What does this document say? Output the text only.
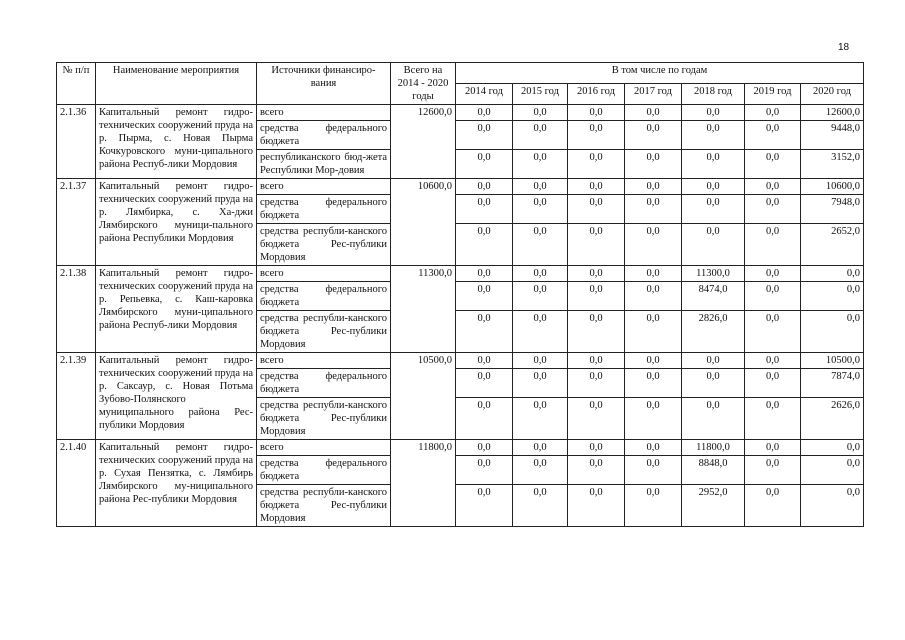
18
№ п/п	Наименование мероприятия	Источники финансиро-вания	Всего на 2014 - 2020 годы	В том числе по годам						
				2014 год	2015 год	2016 год	2017 год	2018 год	2019 год	2020 год
2.1.36	Капитальный ремонт гидро-технических сооружений пруда на р. Пырма, с. Новая Пырма Кочкуровского муни-ципального района Респуб-лики Мордовия	всего	12600,0	0,0	0,0	0,0	0,0	0,0	0,0	12600,0
		средства федерального бюджета		0,0	0,0	0,0	0,0	0,0	0,0	9448,0
		республиканского бюд-жета Республики Мор-довия		0,0	0,0	0,0	0,0	0,0	0,0	3152,0
2.1.37	Капитальный ремонт гидро-технических сооружений пруда на р. Лямбирка, с. Ха-джи Лямбирского муници-пального района Республики Мордовия	всего	10600,0	0,0	0,0	0,0	0,0	0,0	0,0	10600,0
		средства федерального бюджета		0,0	0,0	0,0	0,0	0,0	0,0	7948,0
		средства республи-канского бюджета Рес-публики Мордовия		0,0	0,0	0,0	0,0	0,0	0,0	2652,0
2.1.38	Капитальный ремонт гидро-технических сооружений пруда на р. Репьевка, с. Каш-каровка Лямбирского муни-ципального района Респуб-лики Мордовия	всего	11300,0	0,0	0,0	0,0	0,0	11300,0	0,0	0,0
		средства федерального бюджета		0,0	0,0	0,0	0,0	8474,0	0,0	0,0
		средства республи-канского бюджета Рес-публики Мордовия		0,0	0,0	0,0	0,0	2826,0	0,0	0,0
2.1.39	Капитальный ремонт гидро-технических сооружений пруда на р. Саксаур, с. Новая Потьма Зубово-Полянского муниципального района Рес-публики Мордовия	всего	10500,0	0,0	0,0	0,0	0,0	0,0	0,0	10500,0
		средства федерального бюджета		0,0	0,0	0,0	0,0	0,0	0,0	7874,0
		средства республи-канского бюджета Рес-публики Мордовия		0,0	0,0	0,0	0,0	0,0	0,0	2626,0
2.1.40	Капитальный ремонт гидро-технических сооружений пруда на р. Сухая Пензятка, с. Лямбирь Лямбирского му-ниципального района Рес-публики Мордовия	всего	11800,0	0,0	0,0	0,0	0,0	11800,0	0,0	0,0
		средства федерального бюджета		0,0	0,0	0,0	0,0	8848,0	0,0	0,0
		средства республи-канского бюджета Рес-публики Мордовия		0,0	0,0	0,0	0,0	2952,0	0,0	0,0
